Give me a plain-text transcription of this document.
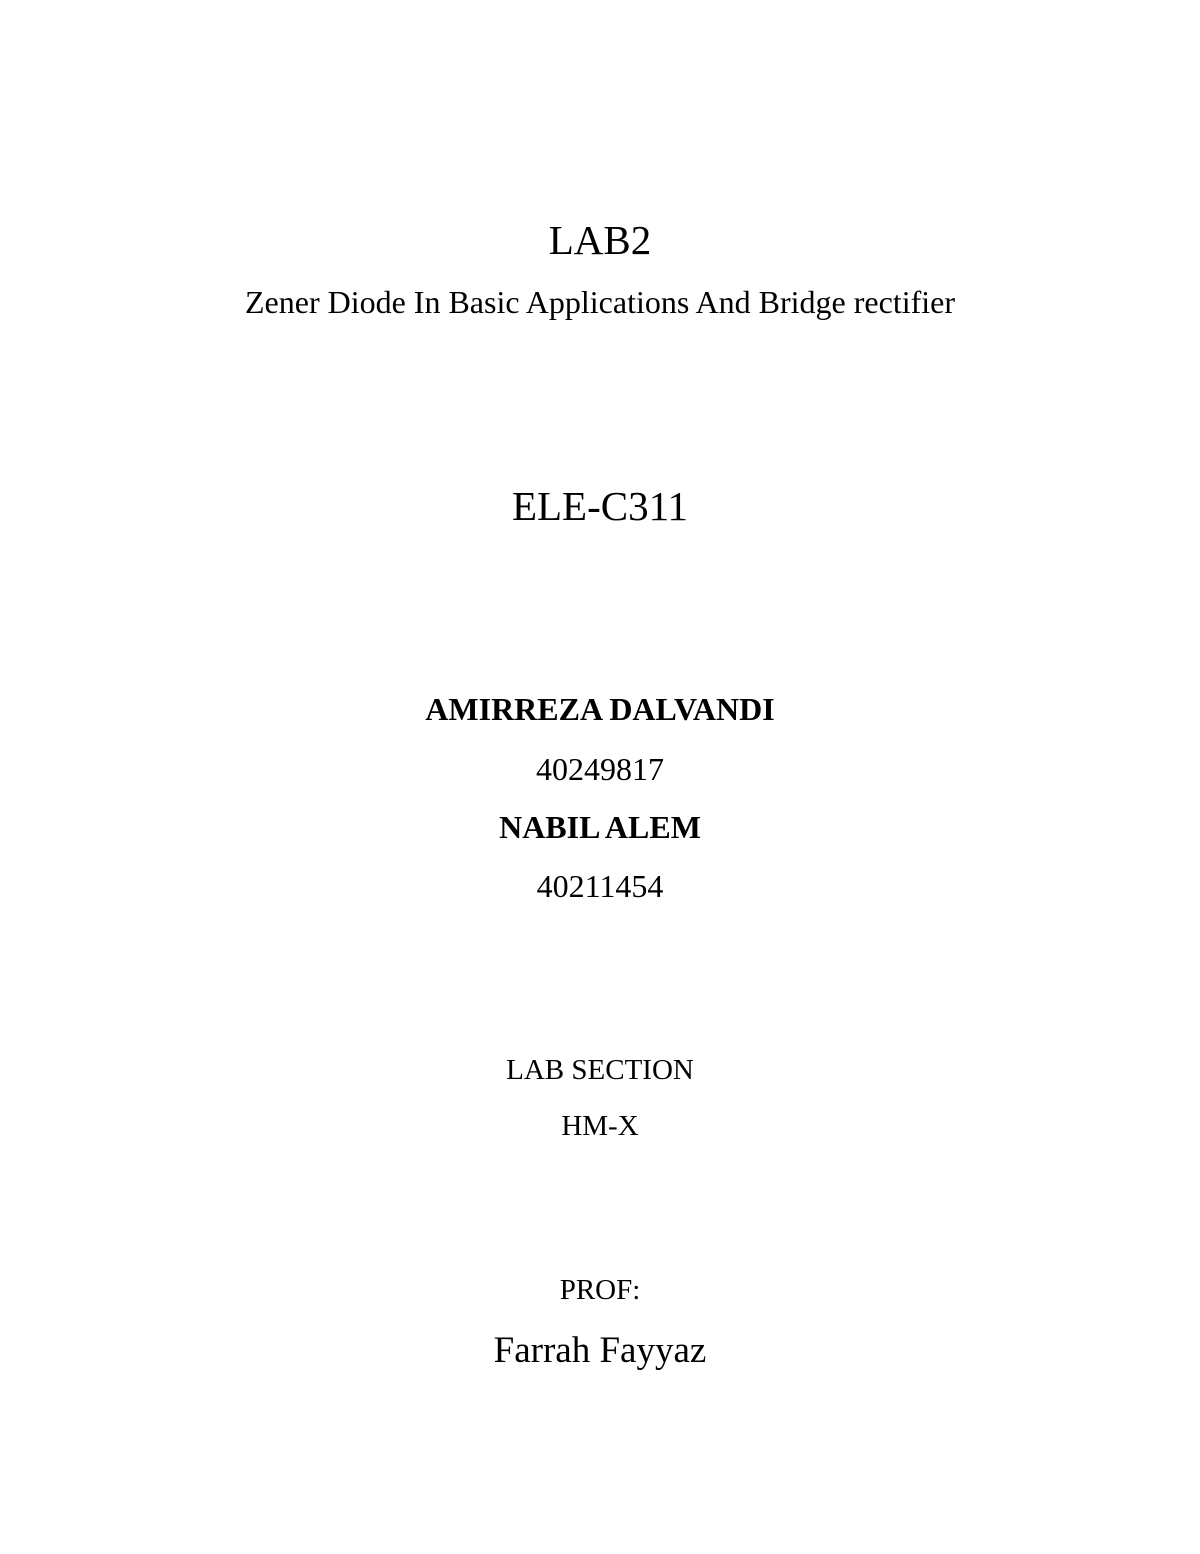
LAB2
Zener Diode In Basic Applications And Bridge rectifier
ELE-C311
AMIRREZA DALVANDI
40249817
NABIL ALEM
40211454
LAB SECTION
HM-X
PROF:
Farrah Fayyaz
